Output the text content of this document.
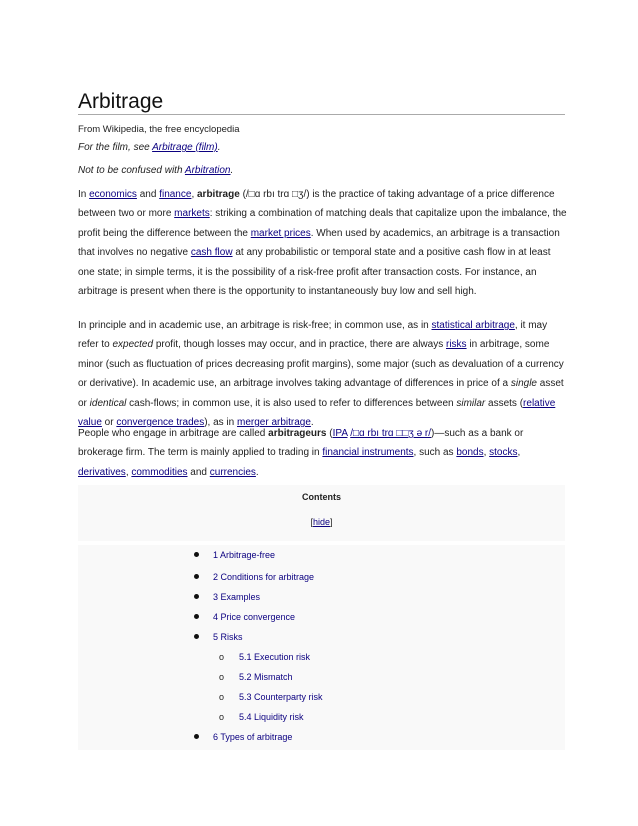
Arbitrage
From Wikipedia, the free encyclopedia
For the film, see Arbitrage (film).
Not to be confused with Arbitration.
In economics and finance, arbitrage (/□ɑ rbı trɑ □ʒ/) is the practice of taking advantage of a price difference between two or more markets: striking a combination of matching deals that capitalize upon the imbalance, the profit being the difference between the market prices. When used by academics, an arbitrage is a transaction that involves no negative cash flow at any probabilistic or temporal state and a positive cash flow in at least one state; in simple terms, it is the possibility of a risk-free profit after transaction costs. For instance, an arbitrage is present when there is the opportunity to instantaneously buy low and sell high.
In principle and in academic use, an arbitrage is risk-free; in common use, as in statistical arbitrage, it may refer to expected profit, though losses may occur, and in practice, there are always risks in arbitrage, some minor (such as fluctuation of prices decreasing profit margins), some major (such as devaluation of a currency or derivative). In academic use, an arbitrage involves taking advantage of differences in price of a single asset or identical cash-flows; in common use, it is also used to refer to differences between similar assets (relative value or convergence trades), as in merger arbitrage.
People who engage in arbitrage are called arbitrageurs (IPA /□ɑ rbı trɑ □□ʒ ə r/)—such as a bank or brokerage firm. The term is mainly applied to trading in financial instruments, such as bonds, stocks, derivatives, commodities and currencies.
Contents
[hide]
1 Arbitrage-free
2 Conditions for arbitrage
3 Examples
4 Price convergence
5 Risks
o 5.1 Execution risk
o 5.2 Mismatch
o 5.3 Counterparty risk
o 5.4 Liquidity risk
6 Types of arbitrage
